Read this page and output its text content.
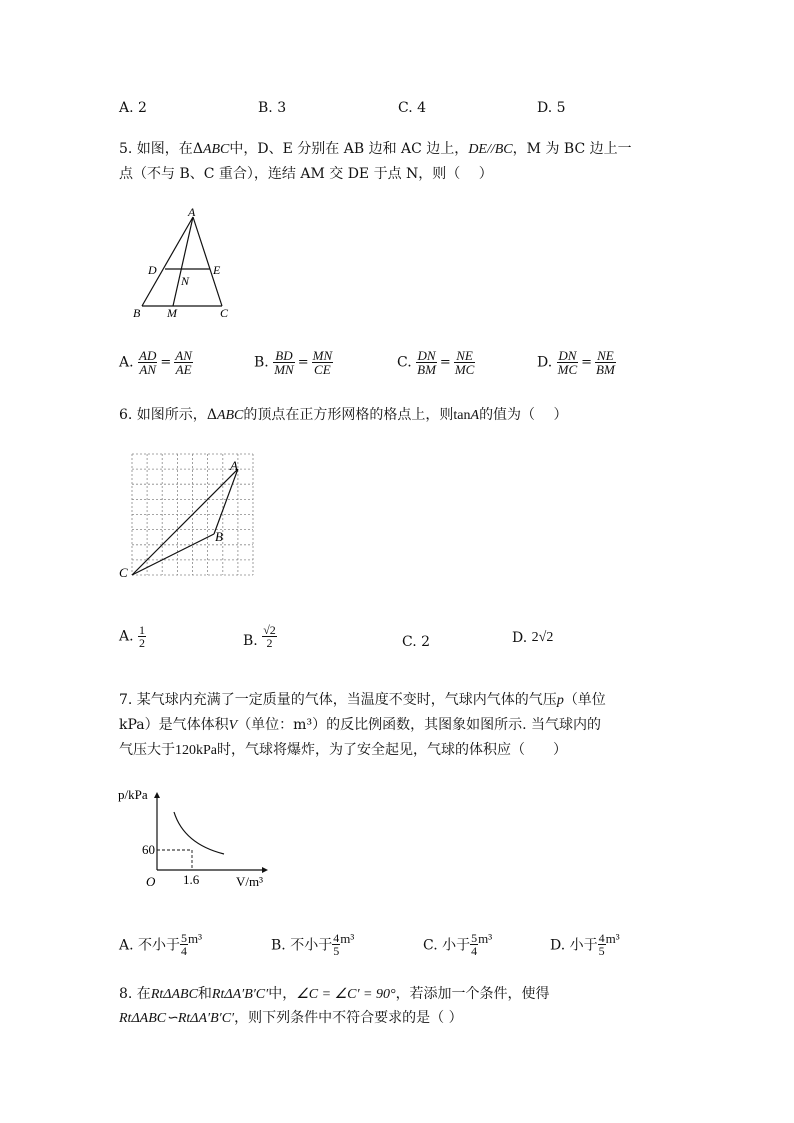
A. 2	B. 3	C. 4	D. 5
5. 如图，在ΔABC中，D、E 分别在 AB 边和 AC 边上，DE//BC，M 为 BC 边上一
点（不与 B、C 重合），连结 AM 交 DE 于点 N，则（　 ）
A
D	E
N
B M	C
A. $\frac{AD}{AN} = \frac{AN}{AE}$	B. $\frac{BD}{MN} = \frac{MN}{CE}$	C. $\frac{DN}{BM} = \frac{NE}{MC}$	D. $\frac{DN}{MC} = \frac{NE}{BM}$
6. 如图所示，ΔABC的顶点在正方形网格的格点上，则tanA的值为（　 ）
A
B
C
A. $\frac{1}{2}$	B. $\frac{√2}{2}$	C. 2	D. 2√2
7. 某气球内充满了一定质量的气体，当温度不变时，气球内气体的气压p（单位
kPa）是气体体积V（单位：m³）的反比例函数，其图象如图所示. 当气球内的
气压大于120kPa时，气球将爆炸，为了安全起见，气球的体积应（　　）
p/kPa
V/m³
O
60
1.6
A. 不小于 $\frac{5}{4} m^3$	B. 不小于 $\frac{4}{5} m^3$	C. 小于 $\frac{5}{4} m^3$	D. 小于 $\frac{4}{5} m^3$
8. 在RtΔABC和RtΔA′B′C′中，∠C = ∠C′ = 90°，若添加一个条件，使得
RtΔABC∽RtΔA′B′C′，则下列条件中不符合要求的是（ ）
